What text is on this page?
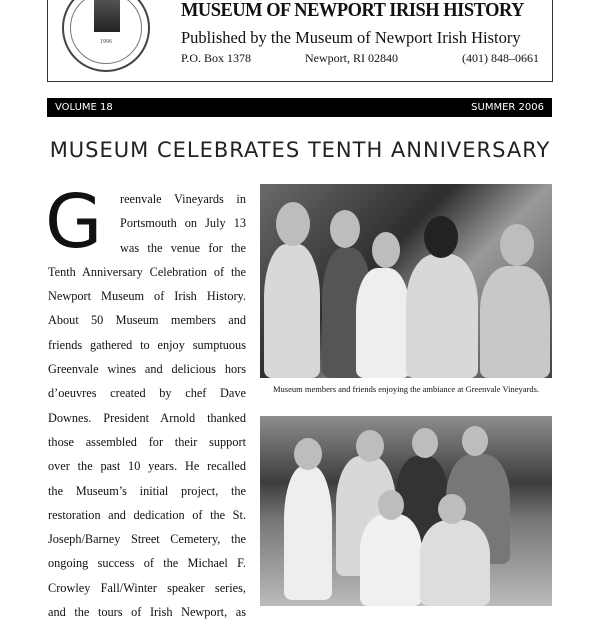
1996
MUSEUM OF NEWPORT IRISH HISTORY
Published by the Museum of Newport Irish History
P.O. Box 1378	Newport, RI 02840	(401) 848–0661
VOLUME 18	SUMMER 2006
MUSEUM CELEBRATES TENTH ANNIVERSARY
G	reenvale Vineyards in
Portsmouth on July 13
was the venue for the
Tenth Anniversary Celebration of the
Newport Museum of Irish History.
About 50 Museum members and
friends gathered to enjoy sumptuous
Greenvale wines and delicious hors
d’oeuvres created by chef Dave
Downes. President Arnold thanked
those assembled for their support
over the past 10 years. He recalled
the Museum’s initial project, the
restoration and dedication of the St.
Joseph/Barney Street Cemetery, the
ongoing success of the Michael F.
Crowley Fall/Winter speaker series,
and the tours of Irish Newport, as
Museum members and friends enjoying the ambiance at Greenvale Vineyards.
